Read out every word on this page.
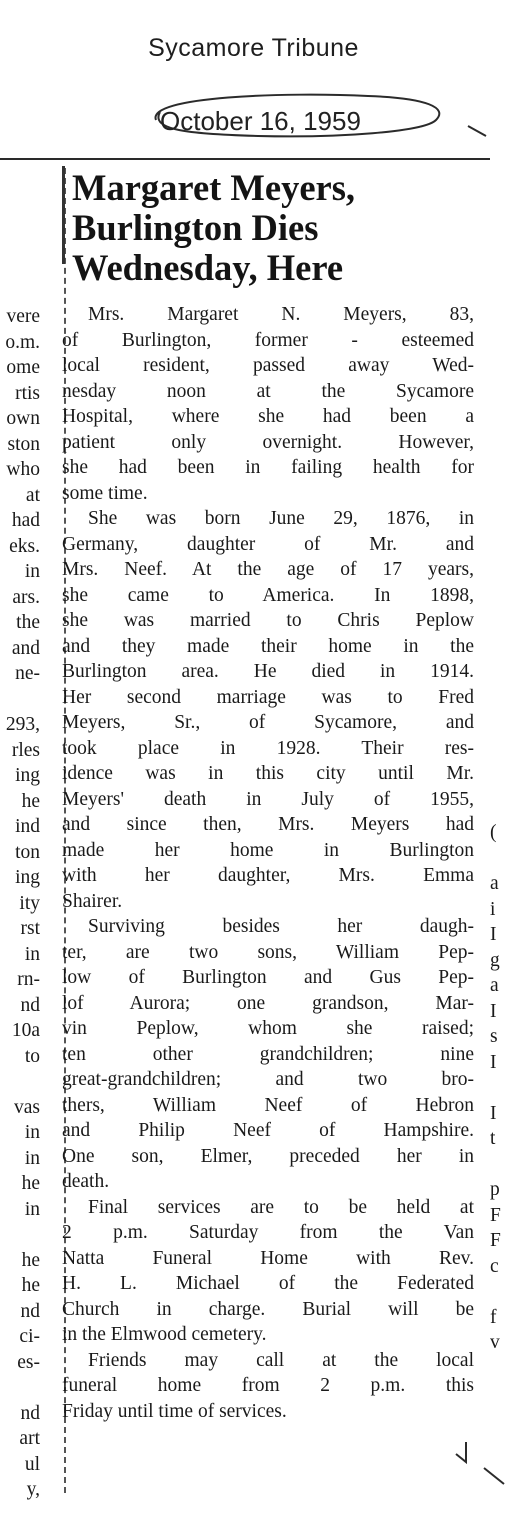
Sycamore Tribune
October 16, 1959
vere
o.m.
ome
rtis
own
ston
who
at
had
eks.
in
ars.
the
and
ne-
293,
rles
ing
he
ind
ton
ing
ity
rst
in
rn-
nd
10a
to
vas
in
in
he
in
he
he
nd
ci-
es-
nd
art
ul
y,
(
a
i
I
g
a
I
s
I
I
t
p
F
F
c
f
v
Margaret Meyers,
Burlington Dies
Wednesday, Here
Mrs. Margaret N. Meyers, 83,
of Burlington, former - esteemed
local resident, passed away Wed-
nesday noon at the Sycamore
Hospital, where she had been a
patient only overnight. However,
she had been in failing health for
some time.
She was born June 29, 1876, in
Germany, daughter of Mr. and
Mrs. Neef. At the age of 17 years,
she came to America. In 1898,
she was married to Chris Peplow
and they made their home in the
Burlington area. He died in 1914.
Her second marriage was to Fred
Meyers, Sr., of Sycamore, and
took place in 1928. Their res-
idence was in this city until Mr.
Meyers' death in July of 1955,
and since then, Mrs. Meyers had
made her home in Burlington
with her daughter, Mrs. Emma
Shairer.
Surviving besides her daugh-
ter, are two sons, William Pep-
low of Burlington and Gus Pep-
lof Aurora; one grandson, Mar-
vin Peplow, whom she raised;
ten other grandchildren; nine
great-grandchildren; and two bro-
thers, William Neef of Hebron
and Philip Neef of Hampshire.
One son, Elmer, preceded her in
death.
Final services are to be held at
2 p.m. Saturday from the Van
Natta Funeral Home with Rev.
H. L. Michael of the Federated
Church in charge. Burial will be
in the Elmwood cemetery.
Friends may call at the local
funeral home from 2 p.m. this
Friday until time of services.
